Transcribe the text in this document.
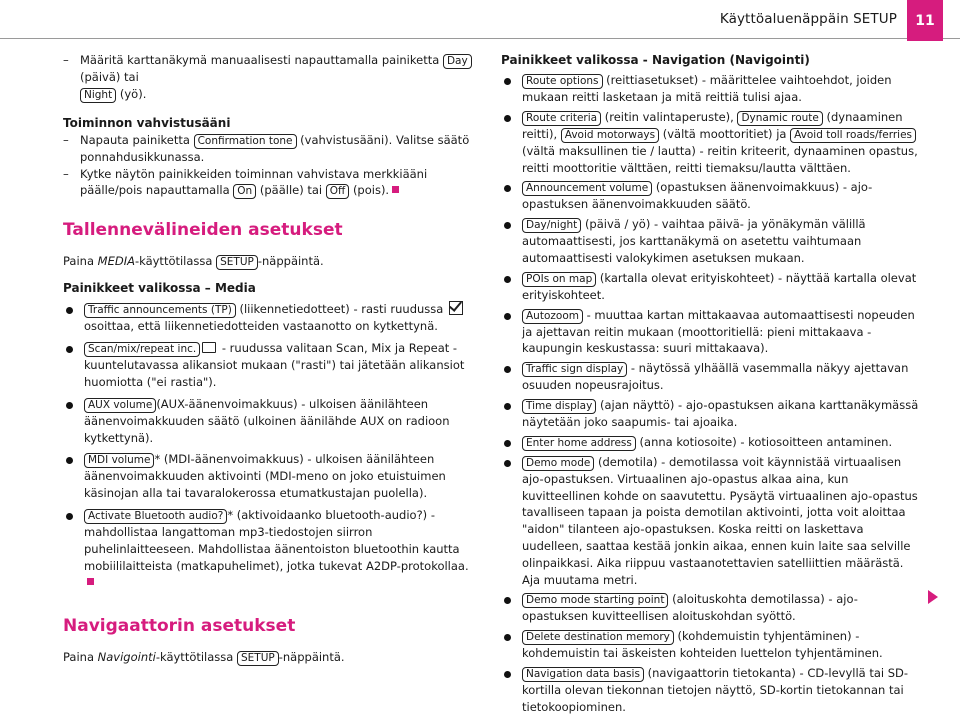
Käyttöaluenäppäin SETUP	11

– Määritä karttanäkymä manuaalisesti napauttamalla painiketta Day (päivä) tai
Night (yö).

Toiminnon vahvistusääni

– Napauta painiketta Confirmation tone (vahvistusääni). Valitse säätö ponnahdusikkunassa.

– Kytke näytön painikkeiden toiminnan vahvistava merkkiääni päälle/pois napauttamalla On (päälle) tai Off (pois).

Tallennevälineiden asetukset

Paina MEDIA-käyttötilassa SETUP -näppäintä.

Painikkeet valikossa – Media

Traffic announcements (TP) (liikennetiedotteet) - rasti ruudussa  osoittaa, että liikennetiedotteiden vastaanotto on kytkettynä.

Scan/mix/repeat inc. - ruudussa valitaan Scan, Mix ja Repeat -kuuntelutavassa alikansiot mukaan ("rasti") tai jätetään alikansiot huomiotta ("ei rastia").

AUX volume (AUX-äänenvoimakkuus) - ulkoisen äänilähteen äänenvoimakkuuden säätö (ulkoinen äänilähde AUX on radioon kytkettynä).

MDI volume * (MDI-äänenvoimakkuus) - ulkoisen äänilähteen äänenvoimakkuuden aktivointi (MDI-meno on joko etuistuimen käsinojan alla tai tavaralokerossa etumatkustajan puolella).

Activate Bluetooth audio? * (aktivoidaanko bluetooth-audio?) - mahdollistaa langattoman mp3-tiedostojen siirron puhelinlaitteeseen. Mahdollistaa äänentoiston bluetoothin kautta mobiililaitteista (matkapuhelimet), jotka tukevat A2DP-protokollaa.

Navigaattorin asetukset

Paina Navigointi-käyttötilassa SETUP -näppäintä.

Painikkeet valikossa - Navigation (Navigointi)

Route options (reittiasetukset) - määrittelee vaihtoehdot, joiden mukaan reitti lasketaan ja mitä reittiä tulisi ajaa.

Route criteria (reitin valintaperuste), Dynamic route (dynaaminen reitti), Avoid motorways (vältä moottoritiet) ja Avoid toll roads/ferries (vältä maksullinen tie / lautta) - reitin kriteerit, dynaaminen opastus, reitti moottoritie välttäen, reitti tiemaksu/lautta välttäen.

Announcement volume (opastuksen äänenvoimakkuus) - ajo-opastuksen äänenvoimakkuuden säätö.

Day/night (päivä / yö) - vaihtaa päivä- ja yönäkymän välillä automaattisesti, jos karttanäkymä on asetettu vaihtumaan automaattisesti valokykimen asetuksen mukaan.

POIs on map (kartalla olevat erityiskohteet) - näyttää kartalla olevat erityiskohteet.

Autozoom - muuttaa kartan mittakaavaa automaattisesti nopeuden ja ajettavan reitin mukaan (moottoritiellä: pieni mittakaava - kaupungin keskustassa: suuri mittakaava).

Traffic sign display - näytössä ylhäällä vasemmalla näkyy ajettavan osuuden nopeusrajoitus.

Time display (ajan näyttö) - ajo-opastuksen aikana karttanäkymässä näytetään joko saapumis- tai ajoaika.

Enter home address (anna kotiosoite) - kotiosoitteen antaminen.

Demo mode (demotila) - demotilassa voit käynnistää virtuaalisen ajo-opastuksen. Virtuaalinen ajo-opastus alkaa aina, kun kuvitteellinen kohde on saavutettu. Pysäytä virtuaalinen ajo-opastus tavalliseen tapaan ja poista demotilan aktivointi, jotta voit aloittaa "aidon" tilanteen ajo-opastuksen. Koska reitti on laskettava uudelleen, saattaa kestää jonkin aikaa, ennen kuin laite saa selville olinpaikkasi. Aika riippuu vastaanotettavien satelliittien määrästä. Aja muutama metri.

Demo mode starting point (aloituskohta demotilassa) - ajo-opastuksen kuvitteellisen aloituskohdan syöttö.

Delete destination memory (kohdemuistin tyhjentäminen) - kohdemuistin tai äskeisten kohteiden luettelon tyhjentäminen.

Navigation data basis (navigaattorin tietokanta) - CD-levyllä tai SD-kortilla olevan tiekonnan tietojen näyttö, SD-kortin tietokannan tai tietokoopiominen.
